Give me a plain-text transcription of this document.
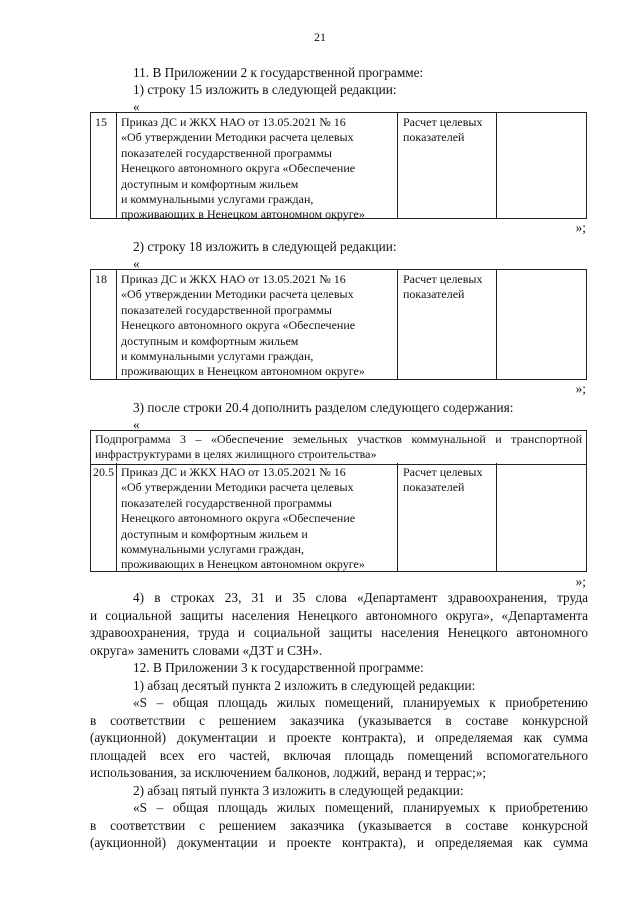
21
11. В Приложении 2 к государственной программе:
1) строку 15 изложить в следующей редакции:
«
15 Приказ ДС и ЖКХ НАО от 13.05.2021 № 16
«Об утверждении Методики расчета целевых
показателей государственной программы
Ненецкого автономного округа «Обеспечение
доступным и комфортным жильем
и коммунальными услугами граждан,
проживающих в Ненецком автономном округе»
Расчет целевых
показателей
»;
2) строку 18 изложить в следующей редакции:
«
18 Приказ ДС и ЖКХ НАО от 13.05.2021 № 16
«Об утверждении Методики расчета целевых
показателей государственной программы
Ненецкого автономного округа «Обеспечение
доступным и комфортным жильем
и коммунальными услугами граждан,
проживающих в Ненецком автономном округе»
Расчет целевых
показателей
»;
3) после строки 20.4 дополнить разделом следующего содержания:
«
Подпрограмма 3 – «Обеспечение земельных участков коммунальной и транспортной
инфраструктурами в целях жилищного строительства»
20.5 Приказ ДС и ЖКХ НАО от 13.05.2021 № 16
«Об утверждении Методики расчета целевых
показателей государственной программы
Ненецкого автономного округа «Обеспечение
доступным и комфортным жильем и
коммунальными услугами граждан,
проживающих в Ненецком автономном округе»
Расчет целевых
показателей
»;
4) в строках 23, 31 и 35 слова «Департамент здравоохранения, труда
и социальной защиты населения Ненецкого автономного округа», «Департамента
здравоохранения, труда и социальной защиты населения Ненецкого автономного
округа» заменить словами «ДЗТ и СЗН».
12. В Приложении 3 к государственной программе:
1) абзац десятый пункта 2 изложить в следующей редакции:
«S – общая площадь жилых помещений, планируемых к приобретению
в соответствии с решением заказчика (указывается в составе конкурсной
(аукционной) документации и проекте контракта), и определяемая как сумма
площадей всех его частей, включая площадь помещений вспомогательного
использования, за исключением балконов, лоджий, веранд и террас;»;
2) абзац пятый пункта 3 изложить в следующей редакции:
«S – общая площадь жилых помещений, планируемых к приобретению
в соответствии с решением заказчика (указывается в составе конкурсной
(аукционной) документации и проекте контракта), и определяемая как сумма
